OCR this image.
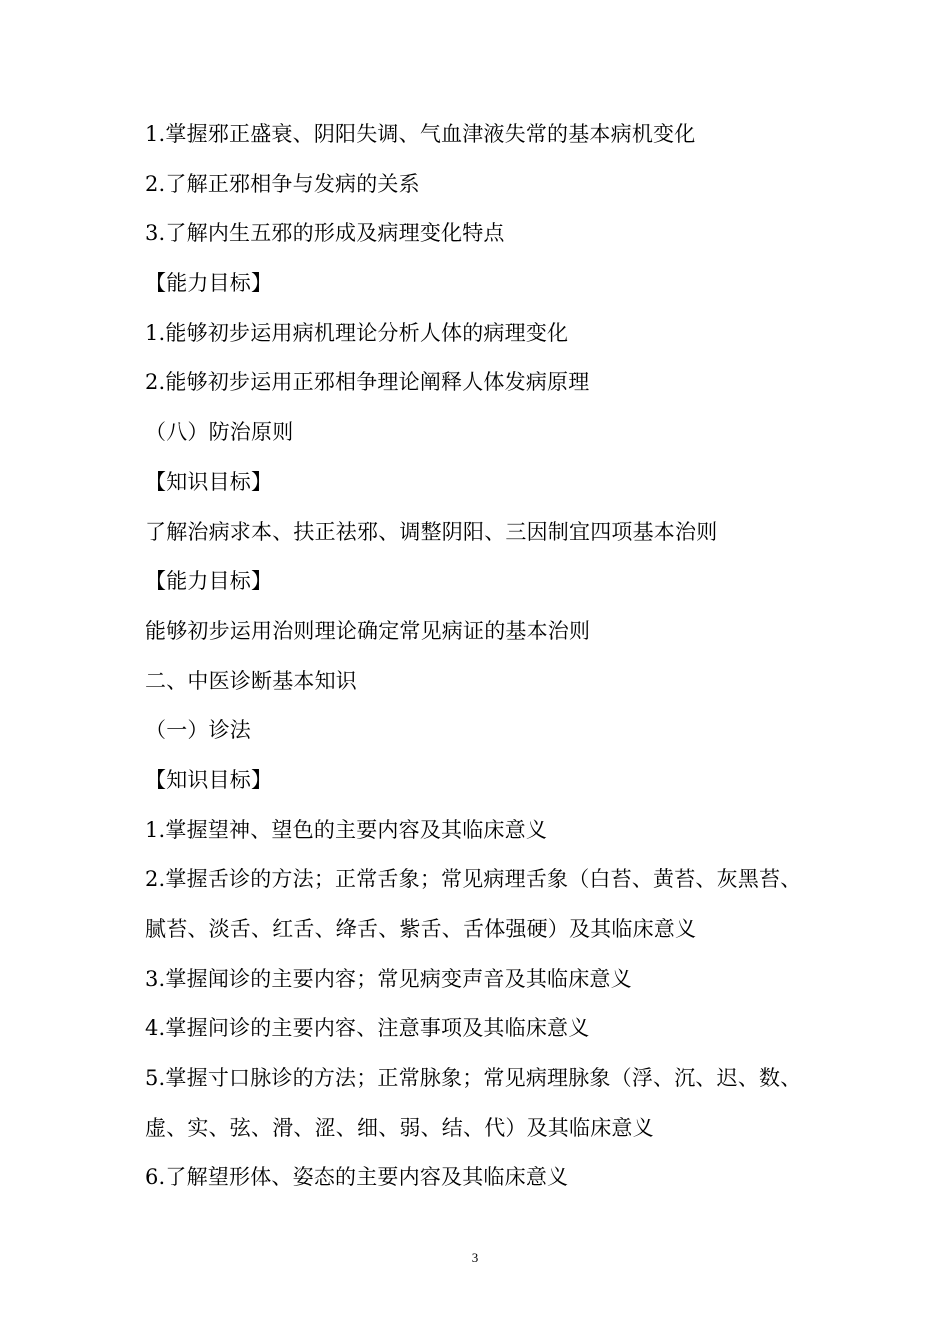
1.掌握邪正盛衰、阴阳失调、气血津液失常的基本病机变化
2.了解正邪相争与发病的关系
3.了解内生五邪的形成及病理变化特点
【能力目标】
1.能够初步运用病机理论分析人体的病理变化
2.能够初步运用正邪相争理论阐释人体发病原理
（八）防治原则
【知识目标】
了解治病求本、扶正祛邪、调整阴阳、三因制宜四项基本治则
【能力目标】
能够初步运用治则理论确定常见病证的基本治则
二、中医诊断基本知识
（一）诊法
【知识目标】
1.掌握望神、望色的主要内容及其临床意义
2.掌握舌诊的方法；正常舌象；常见病理舌象（白苔、黄苔、灰黑苔、
腻苔、淡舌、红舌、绛舌、紫舌、舌体强硬）及其临床意义
3.掌握闻诊的主要内容；常见病变声音及其临床意义
4.掌握问诊的主要内容、注意事项及其临床意义
5.掌握寸口脉诊的方法；正常脉象；常见病理脉象（浮、沉、迟、数、
虚、实、弦、滑、涩、细、弱、结、代）及其临床意义
6.了解望形体、姿态的主要内容及其临床意义
3
